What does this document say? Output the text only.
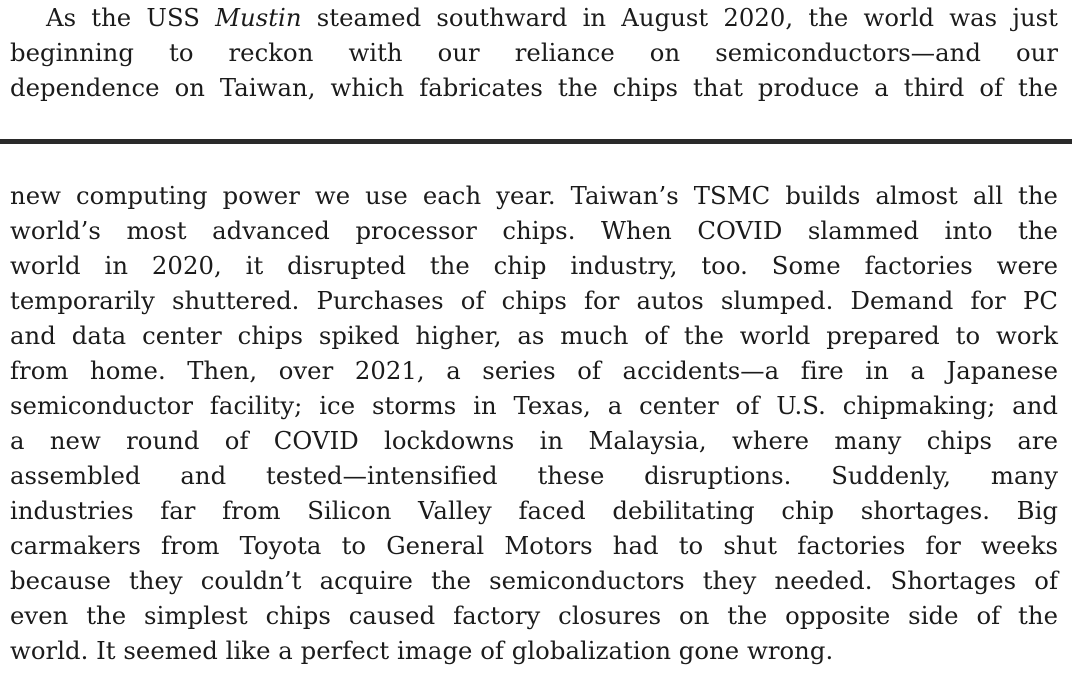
As the USS Mustin steamed southward in August 2020, the world was just
beginning to reckon with our reliance on semiconductors—and our
dependence on Taiwan, which fabricates the chips that produce a third of the

new computing power we use each year. Taiwan’s TSMC builds almost all the
world’s most advanced processor chips. When COVID slammed into the
world in 2020, it disrupted the chip industry, too. Some factories were
temporarily shuttered. Purchases of chips for autos slumped. Demand for PC
and data center chips spiked higher, as much of the world prepared to work
from home. Then, over 2021, a series of accidents—a fire in a Japanese
semiconductor facility; ice storms in Texas, a center of U.S. chipmaking; and
a new round of COVID lockdowns in Malaysia, where many chips are
assembled and tested—intensified these disruptions. Suddenly, many
industries far from Silicon Valley faced debilitating chip shortages. Big
carmakers from Toyota to General Motors had to shut factories for weeks
because they couldn’t acquire the semiconductors they needed. Shortages of
even the simplest chips caused factory closures on the opposite side of the
world. It seemed like a perfect image of globalization gone wrong.
